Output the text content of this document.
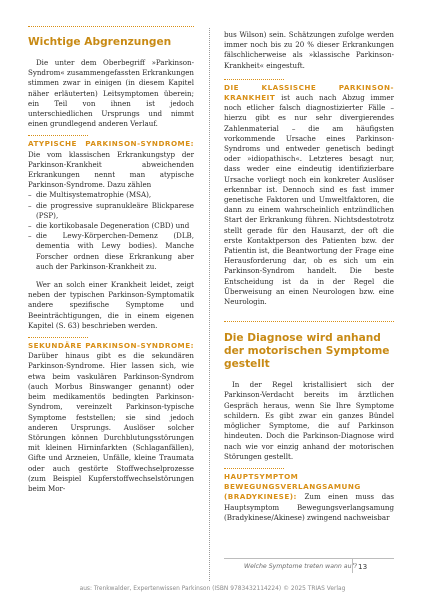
Wichtige Abgrenzungen

Die unter dem Oberbegriff »Parkinson-Syndrom« zusammengefassten Erkrankungen stimmen zwar in einigen (in diesem Kapitel näher erläuterten) Leitsymptomen überein; ein Teil von ihnen ist jedoch unterschiedlichen Ursprungs und nimmt einen grundlegend anderen Verlauf.

ATYPISCHE PARKINSON-SYNDROME: Die vom klassischen Erkrankungstyp der Parkinson-Krankheit abweichenden Erkrankungen nennt man atypische Parkinson-Syndrome. Dazu zählen

– die Multisystematrophie (MSA),
– die progressive supranukleäre Blickparese (PSP),
– die kortikobasale Degeneration (CBD) und
– die Lewy-Körperchen-Demenz (DLB, dementia with Lewy bodies). Manche Forscher ordnen diese Erkrankung aber auch der Parkinson-Krankheit zu.

Wer an solch einer Krankheit leidet, zeigt neben der typischen Parkinson-Symptomatik andere spezifische Symptome und Beeinträchtigungen, die in einem eigenen Kapitel (S. 63) beschrieben werden.

SEKUNDÄRE PARKINSON-SYNDROME: Darüber hinaus gibt es die sekundären Parkinson-Syndrome. Hier lassen sich, wie etwa beim vaskulären Parkinson-Syndrom (auch Morbus Binswanger genannt) oder beim medikamentös bedingten Parkinson-Syndrom, vereinzelt Parkinson-typische Symptome feststellen; sie sind jedoch anderen Ursprungs. Auslöser solcher Störungen können Durchblutungsstörungen mit kleinen Hirninfarkten (Schlaganfällen), Gifte und Arzneien, Unfälle, kleine Traumata oder auch gestörte Stoffwechselprozesse (zum Beispiel Kupferstoffwechselstörungen beim Mor-

bus Wilson) sein. Schätzungen zufolge werden immer noch bis zu 20 % dieser Erkrankungen fälschlicherweise als »klassische Parkinson-Krankheit« eingestuft.

DIE KLASSISCHE PARKINSON-KRANKHEIT ist auch nach Abzug immer noch etlicher falsch diagnostizierter Fälle – hierzu gibt es nur sehr divergierendes Zahlenmaterial – die am häufigsten vorkommende Ursache eines Parkinson-Syndroms und entweder genetisch bedingt oder »idiopathisch«. Letzteres besagt nur, dass weder eine eindeutig identifizierbare Ursache vorliegt noch ein konkreter Auslöser erkennbar ist. Dennoch sind es fast immer genetische Faktoren und Umweltfaktoren, die dann zu einem wahrscheinlich entzündlichen Start der Erkrankung führen. Nichtsdestotrotz stellt gerade für den Hausarzt, der oft die erste Kontaktperson des Patienten bzw. der Patientin ist, die Beantwortung der Frage eine Herausforderung dar, ob es sich um ein Parkinson-Syndrom handelt. Die beste Entscheidung ist da in der Regel die Überweisung an einen Neurologen bzw. eine Neurologin.

Die Diagnose wird anhand der motorischen Symptome gestellt

In der Regel kristallisiert sich der Parkinson-Verdacht bereits im ärztlichen Gespräch heraus, wenn Sie Ihre Symptome schildern. Es gibt zwar ein ganzes Bündel möglicher Symptome, die auf Parkinson hindeuten. Doch die Parkinson-Diagnose wird nach wie vor einzig anhand der motorischen Störungen gestellt.

HAUPTSYMPTOM BEWEGUNGSVERLANGSAMUNG (BRADYKINESE): Zum einen muss das Hauptsymptom Bewegungsverlangsamung (Bradykinese/Akinese) zwingend nachweisbar

Welche Symptome treten wann auf? 13
aus: Trenkwalder, Expertenwissen Parkinson (ISBN 9783432114224) © 2025 TRIAS Verlag
